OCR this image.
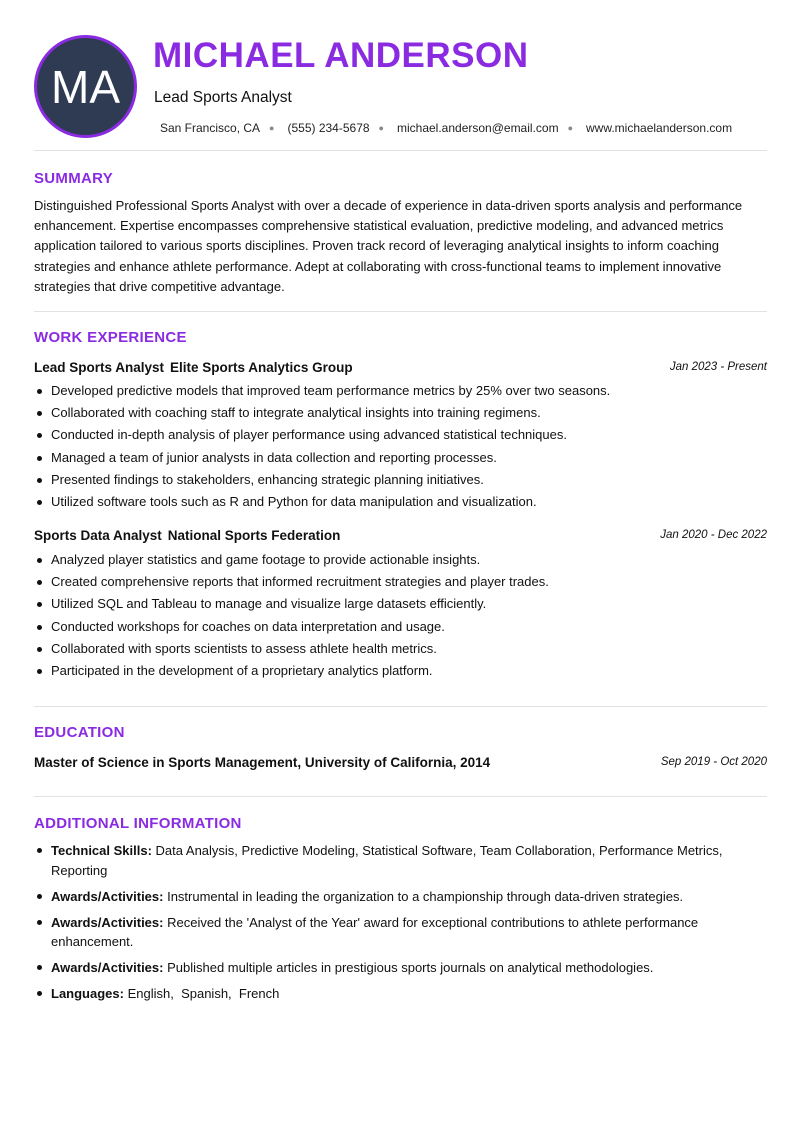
MA
MICHAEL ANDERSON
Lead Sports Analyst
San Francisco, CA ● (555) 234-5678 ● michael.anderson@email.com ● www.michaelanderson.com
SUMMARY

Distinguished Professional Sports Analyst with over a decade of experience in data-driven sports analysis and performance enhancement. Expertise encompasses comprehensive statistical evaluation, predictive modeling, and advanced metrics application tailored to various sports disciplines. Proven track record of leveraging analytical insights to inform coaching strategies and enhance athlete performance. Adept at collaborating with cross-functional teams to implement innovative strategies that drive competitive advantage.

WORK EXPERIENCE
Lead Sports Analyst Elite Sports Analytics Group	Jan 2023 - Present
Developed predictive models that improved team performance metrics by 25% over two seasons.
Collaborated with coaching staff to integrate analytical insights into training regimens.
Conducted in-depth analysis of player performance using advanced statistical techniques.
Managed a team of junior analysts in data collection and reporting processes.
Presented findings to stakeholders, enhancing strategic planning initiatives.
Utilized software tools such as R and Python for data manipulation and visualization.
Sports Data Analyst National Sports Federation	Jan 2020 - Dec 2022
Analyzed player statistics and game footage to provide actionable insights.
Created comprehensive reports that informed recruitment strategies and player trades.
Utilized SQL and Tableau to manage and visualize large datasets efficiently.
Conducted workshops for coaches on data interpretation and usage.
Collaborated with sports scientists to assess athlete health metrics.
Participated in the development of a proprietary analytics platform.
EDUCATION
Master of Science in Sports Management, University of California, 2014	Sep 2019 - Oct 2020
ADDITIONAL INFORMATION
Technical Skills: Data Analysis, Predictive Modeling, Statistical Software, Team Collaboration, Performance Metrics, Reporting
Awards/Activities: Instrumental in leading the organization to a championship through data-driven strategies.
Awards/Activities: Received the 'Analyst of the Year' award for exceptional contributions to athlete performance enhancement.
Awards/Activities: Published multiple articles in prestigious sports journals on analytical methodologies.
Languages: English,  Spanish,  French
